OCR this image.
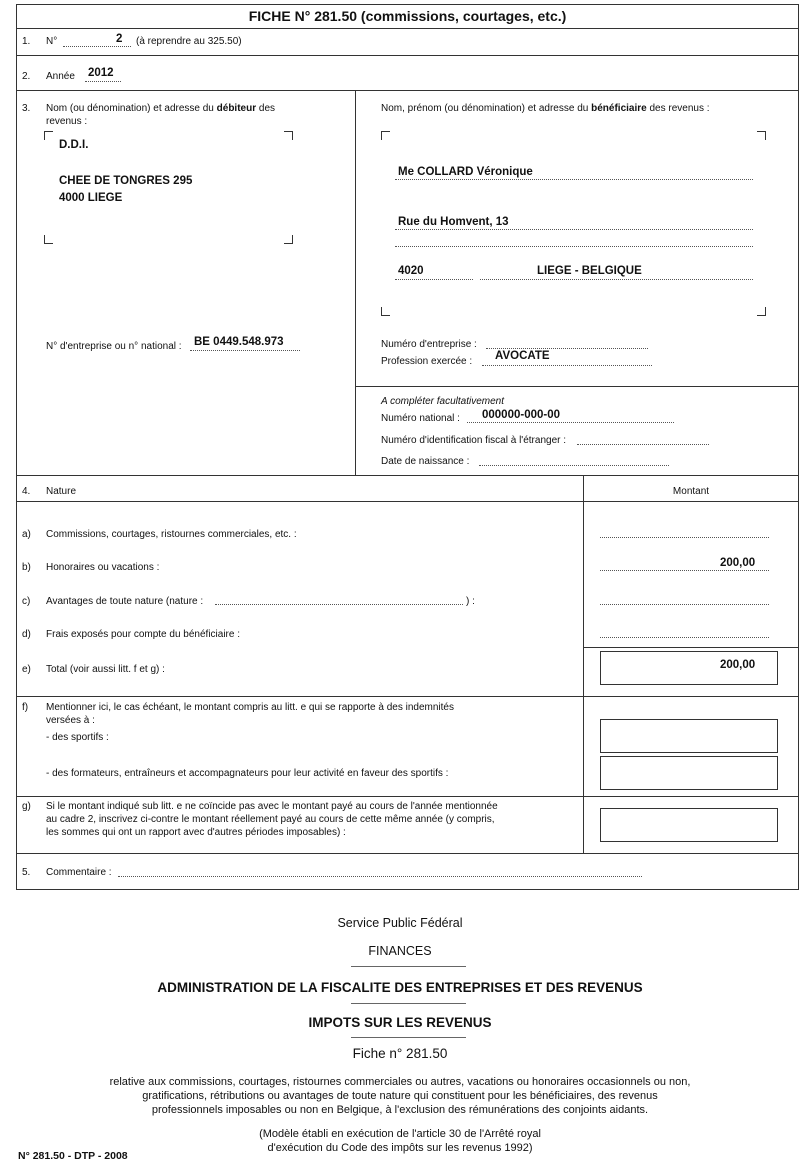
FICHE N° 281.50 (commissions, courtages, etc.)
1. N°	2 (à reprendre au 325.50)
2. Année 2012
3. Nom (ou dénomination) et adresse du débiteur des
revenus :
D.D.I.
CHEE DE TONGRES 295
4000 LIEGE
N° d'entreprise ou n° national : BE 0449.548.973
Nom, prénom (ou dénomination) et adresse du bénéficiaire des revenus :
Me COLLARD Véronique
Rue du Homvent, 13
4020	LIEGE - BELGIQUE
Numéro d'entreprise :
Profession exercée : AVOCATE
A compléter facultativement
Numéro national : 000000-000-00
Numéro d'identification fiscal à l'étranger :
Date de naissance :
4. Nature	Montant
a) Commissions, courtages, ristournes commerciales, etc. :
b) Honoraires ou vacations :	200,00
c) Avantages de toute nature (nature :	) :
d) Frais exposés pour compte du bénéficiaire :
e) Total (voir aussi litt. f et g) :	200,00
f) Mentionner ici, le cas échéant, le montant compris au litt. e qui se rapporte à des indemnités
versées à :
- des sportifs :
- des formateurs, entraîneurs et accompagnateurs pour leur activité en faveur des sportifs :
g) Si le montant indiqué sub litt. e ne coïncide pas avec le montant payé au cours de l'année mentionnée
au cadre 2, inscrivez ci-contre le montant réellement payé au cours de cette même année (y compris,
les sommes qui ont un rapport avec d'autres périodes imposables) :
5. Commentaire :
Service Public Fédéral
FINANCES
ADMINISTRATION DE LA FISCALITE DES ENTREPRISES ET DES REVENUS
IMPOTS SUR LES REVENUS
Fiche n° 281.50
relative aux commissions, courtages, ristournes commerciales ou autres, vacations ou honoraires occasionnels ou non,
gratifications, rétributions ou avantages de toute nature qui constituent pour les bénéficiaires, des revenus
professionnels imposables ou non en Belgique, à l'exclusion des rémunérations des conjoints aidants.
(Modèle établi en exécution de l'article 30 de l'Arrêté royal
d'exécution du Code des impôts sur les revenus 1992)
N° 281.50 - DTP - 2008
